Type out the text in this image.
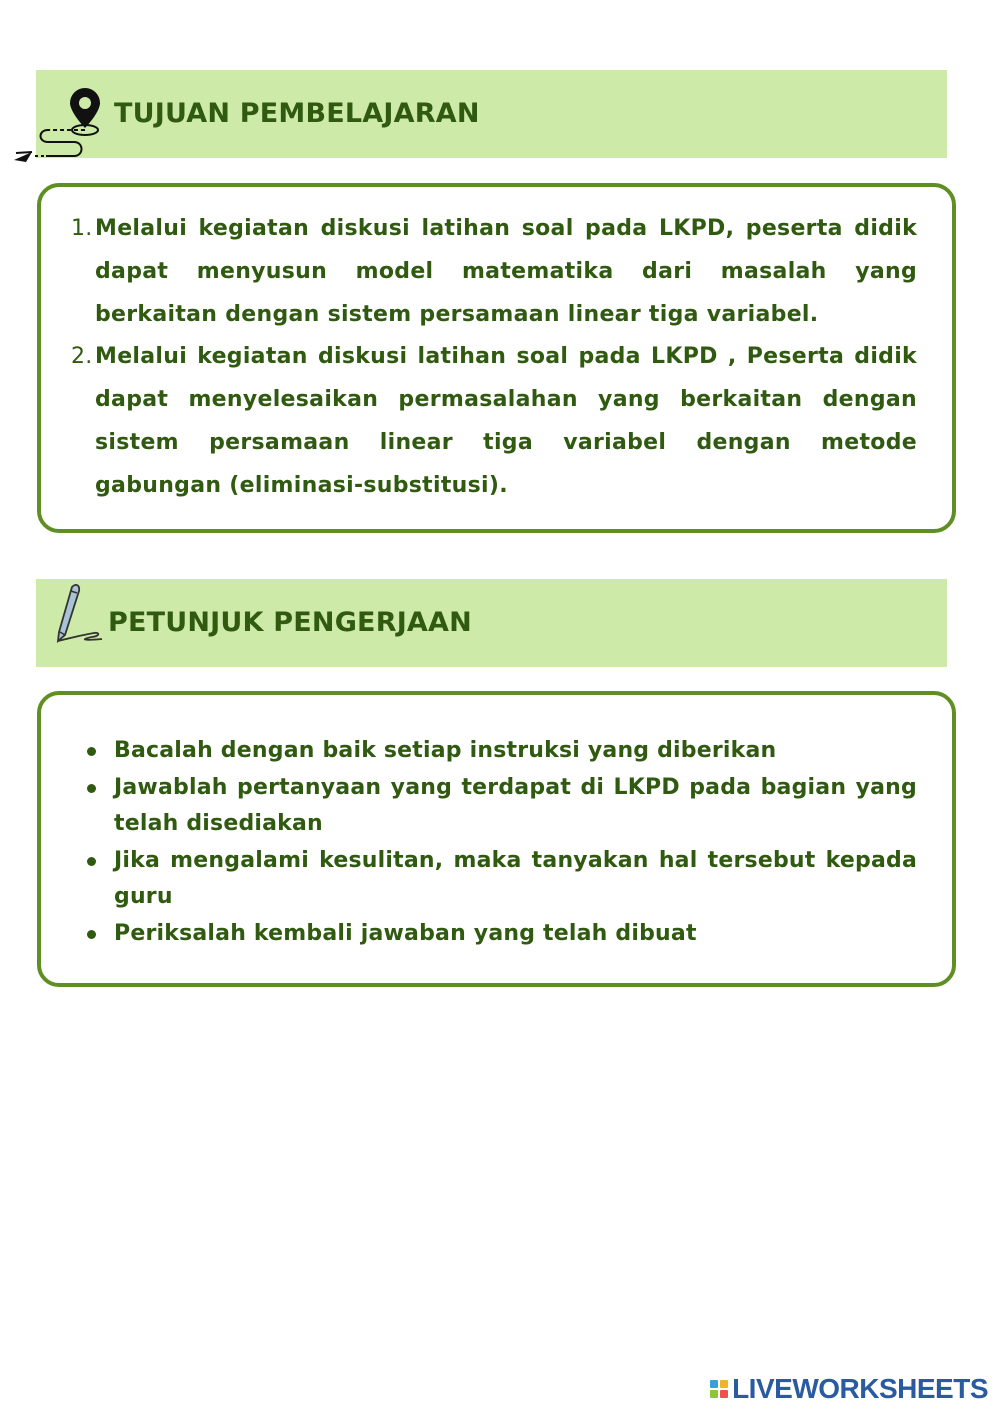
TUJUAN PEMBELAJARAN
1. Melalui kegiatan diskusi latihan soal pada LKPD, peserta didik dapat menyusun model matematika dari masalah yang berkaitan dengan sistem persamaan linear tiga variabel.
2. Melalui kegiatan diskusi latihan soal pada LKPD , Peserta didik dapat menyelesaikan permasalahan yang berkaitan dengan sistem persamaan linear tiga variabel dengan metode gabungan (eliminasi-substitusi).
PETUNJUK PENGERJAAN
Bacalah dengan baik setiap instruksi yang diberikan
Jawablah pertanyaan yang terdapat di LKPD pada bagian yang telah disediakan
Jika mengalami kesulitan, maka tanyakan hal tersebut kepada guru
Periksalah kembali jawaban yang telah dibuat
LIVEWORKSHEETS
